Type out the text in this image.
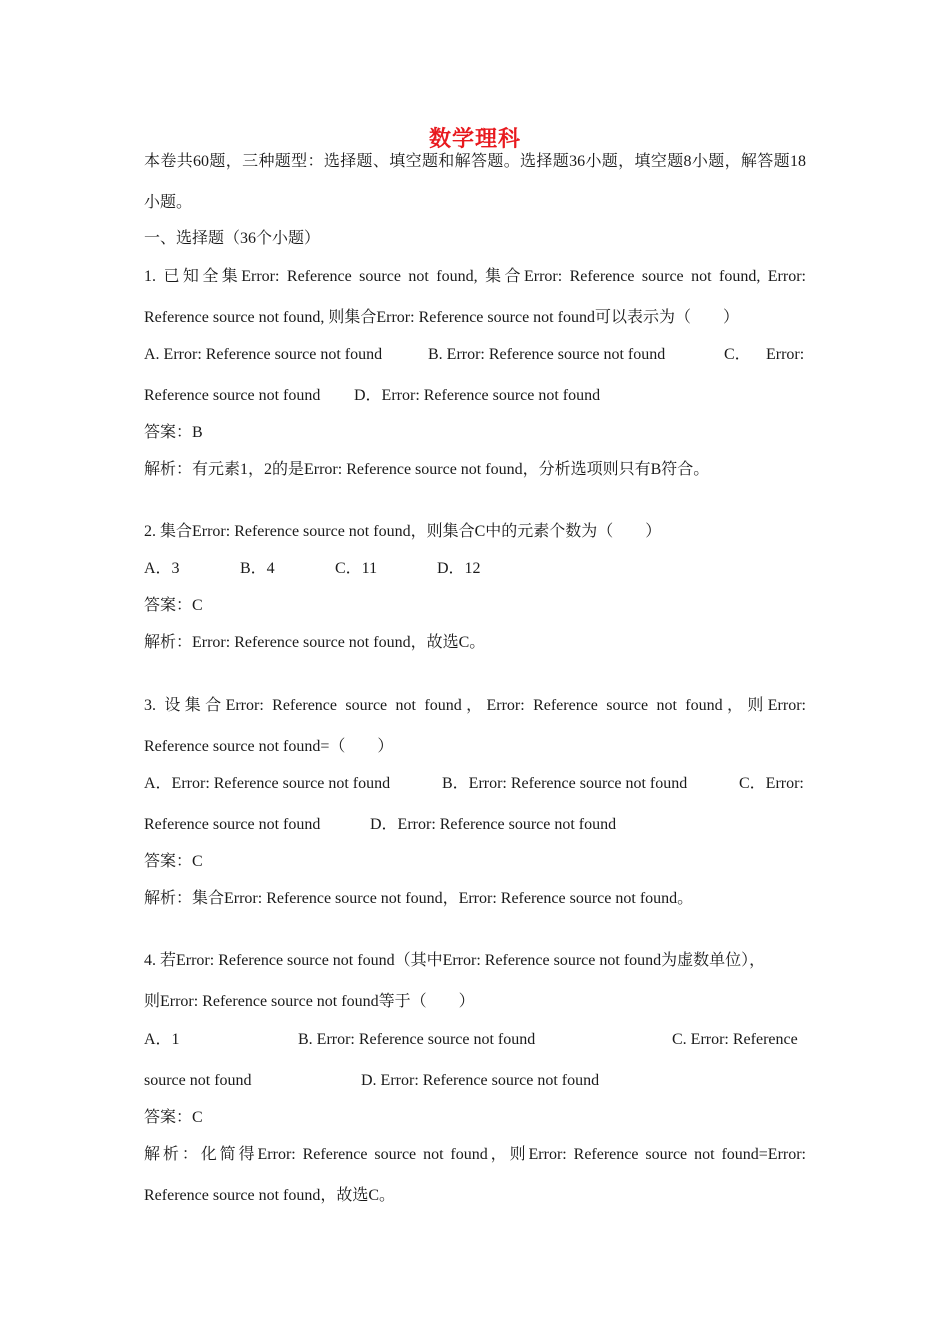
数学理科
本卷共60题，三种题型：选择题、填空题和解答题。选择题36小题，填空题8小题，解答题18
小题。
一、选择题（36个小题）
1. 已知全集Error: Reference source not found, 集合Error: Reference source not found, Error:
Reference source not found, 则集合Error: Reference source not found可以表示为（　　）
A. Error: Reference source not found	B. Error: Reference source not found	C． Error:
Reference source not found D．Error: Reference source not found
答案：B
解析：有元素1，2的是Error: Reference source not found，分析选项则只有B符合。
2. 集合Error: Reference source not found，则集合C中的元素个数为（　　）
A．3	B．4	C．11	D．12
答案：C
解析：Error: Reference source not found，故选C。
3. 设集合Error: Reference source not found，Error: Reference source not found，则Error:
Reference source not found=（　　）
A．Error: Reference source not found	B．Error: Reference source not found	C．Error:
Reference source not found	D．Error: Reference source not found
答案：C
解析：集合Error: Reference source not found，Error: Reference source not found。
4. 若Error: Reference source not found（其中Error: Reference source not found为虚数单位），
则Error: Reference source not found等于（　　）
A．1	B. Error: Reference source not found	C. Error: Reference
source not found	D. Error: Reference source not found
答案：C
解析：化简得Error: Reference source not found，则Error: Reference source not found=Error:
Reference source not found，故选C。
